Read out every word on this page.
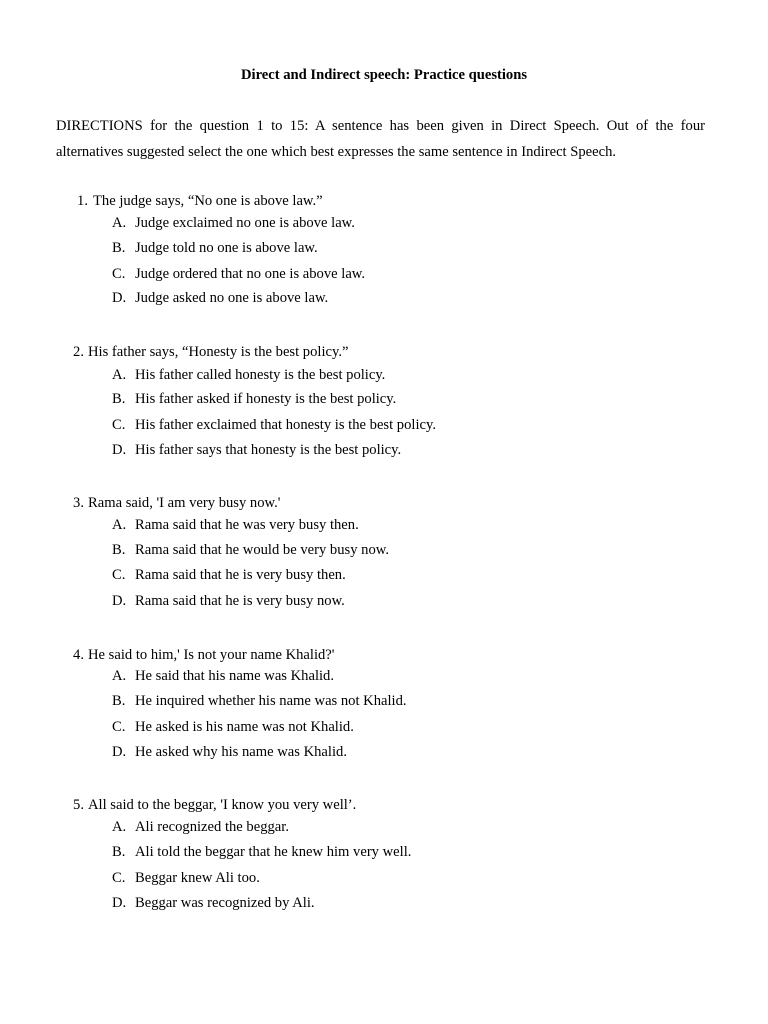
Direct and Indirect speech: Practice questions
DIRECTIONS for the question 1 to 15: A sentence has been given in Direct Speech. Out of the four alternatives suggested select the one which best expresses the same sentence in Indirect Speech.
1. The judge says, “No one is above law.”
A. Judge exclaimed no one is above law.
B. Judge told no one is above law.
C. Judge ordered that no one is above law.
D. Judge asked no one is above law.
2. His father says, “Honesty is the best policy.”
A. His father called honesty is the best policy.
B. His father asked if honesty is the best policy.
C. His father exclaimed that honesty is the best policy.
D. His father says that honesty is the best policy.
3. Rama said, 'I am very busy now.'
A. Rama said that he was very busy then.
B. Rama said that he would be very busy now.
C. Rama said that he is very busy then.
D. Rama said that he is very busy now.
4. He said to him,' Is not your name Khalid?'
A. He said that his name was Khalid.
B. He inquired whether his name was not Khalid.
C. He asked is his name was not Khalid.
D. He asked why his name was Khalid.
5. All said to the beggar, 'I know you very well’.
A. Ali recognized the beggar.
B. Ali told the beggar that he knew him very well.
C. Beggar knew Ali too.
D. Beggar was recognized by Ali.
